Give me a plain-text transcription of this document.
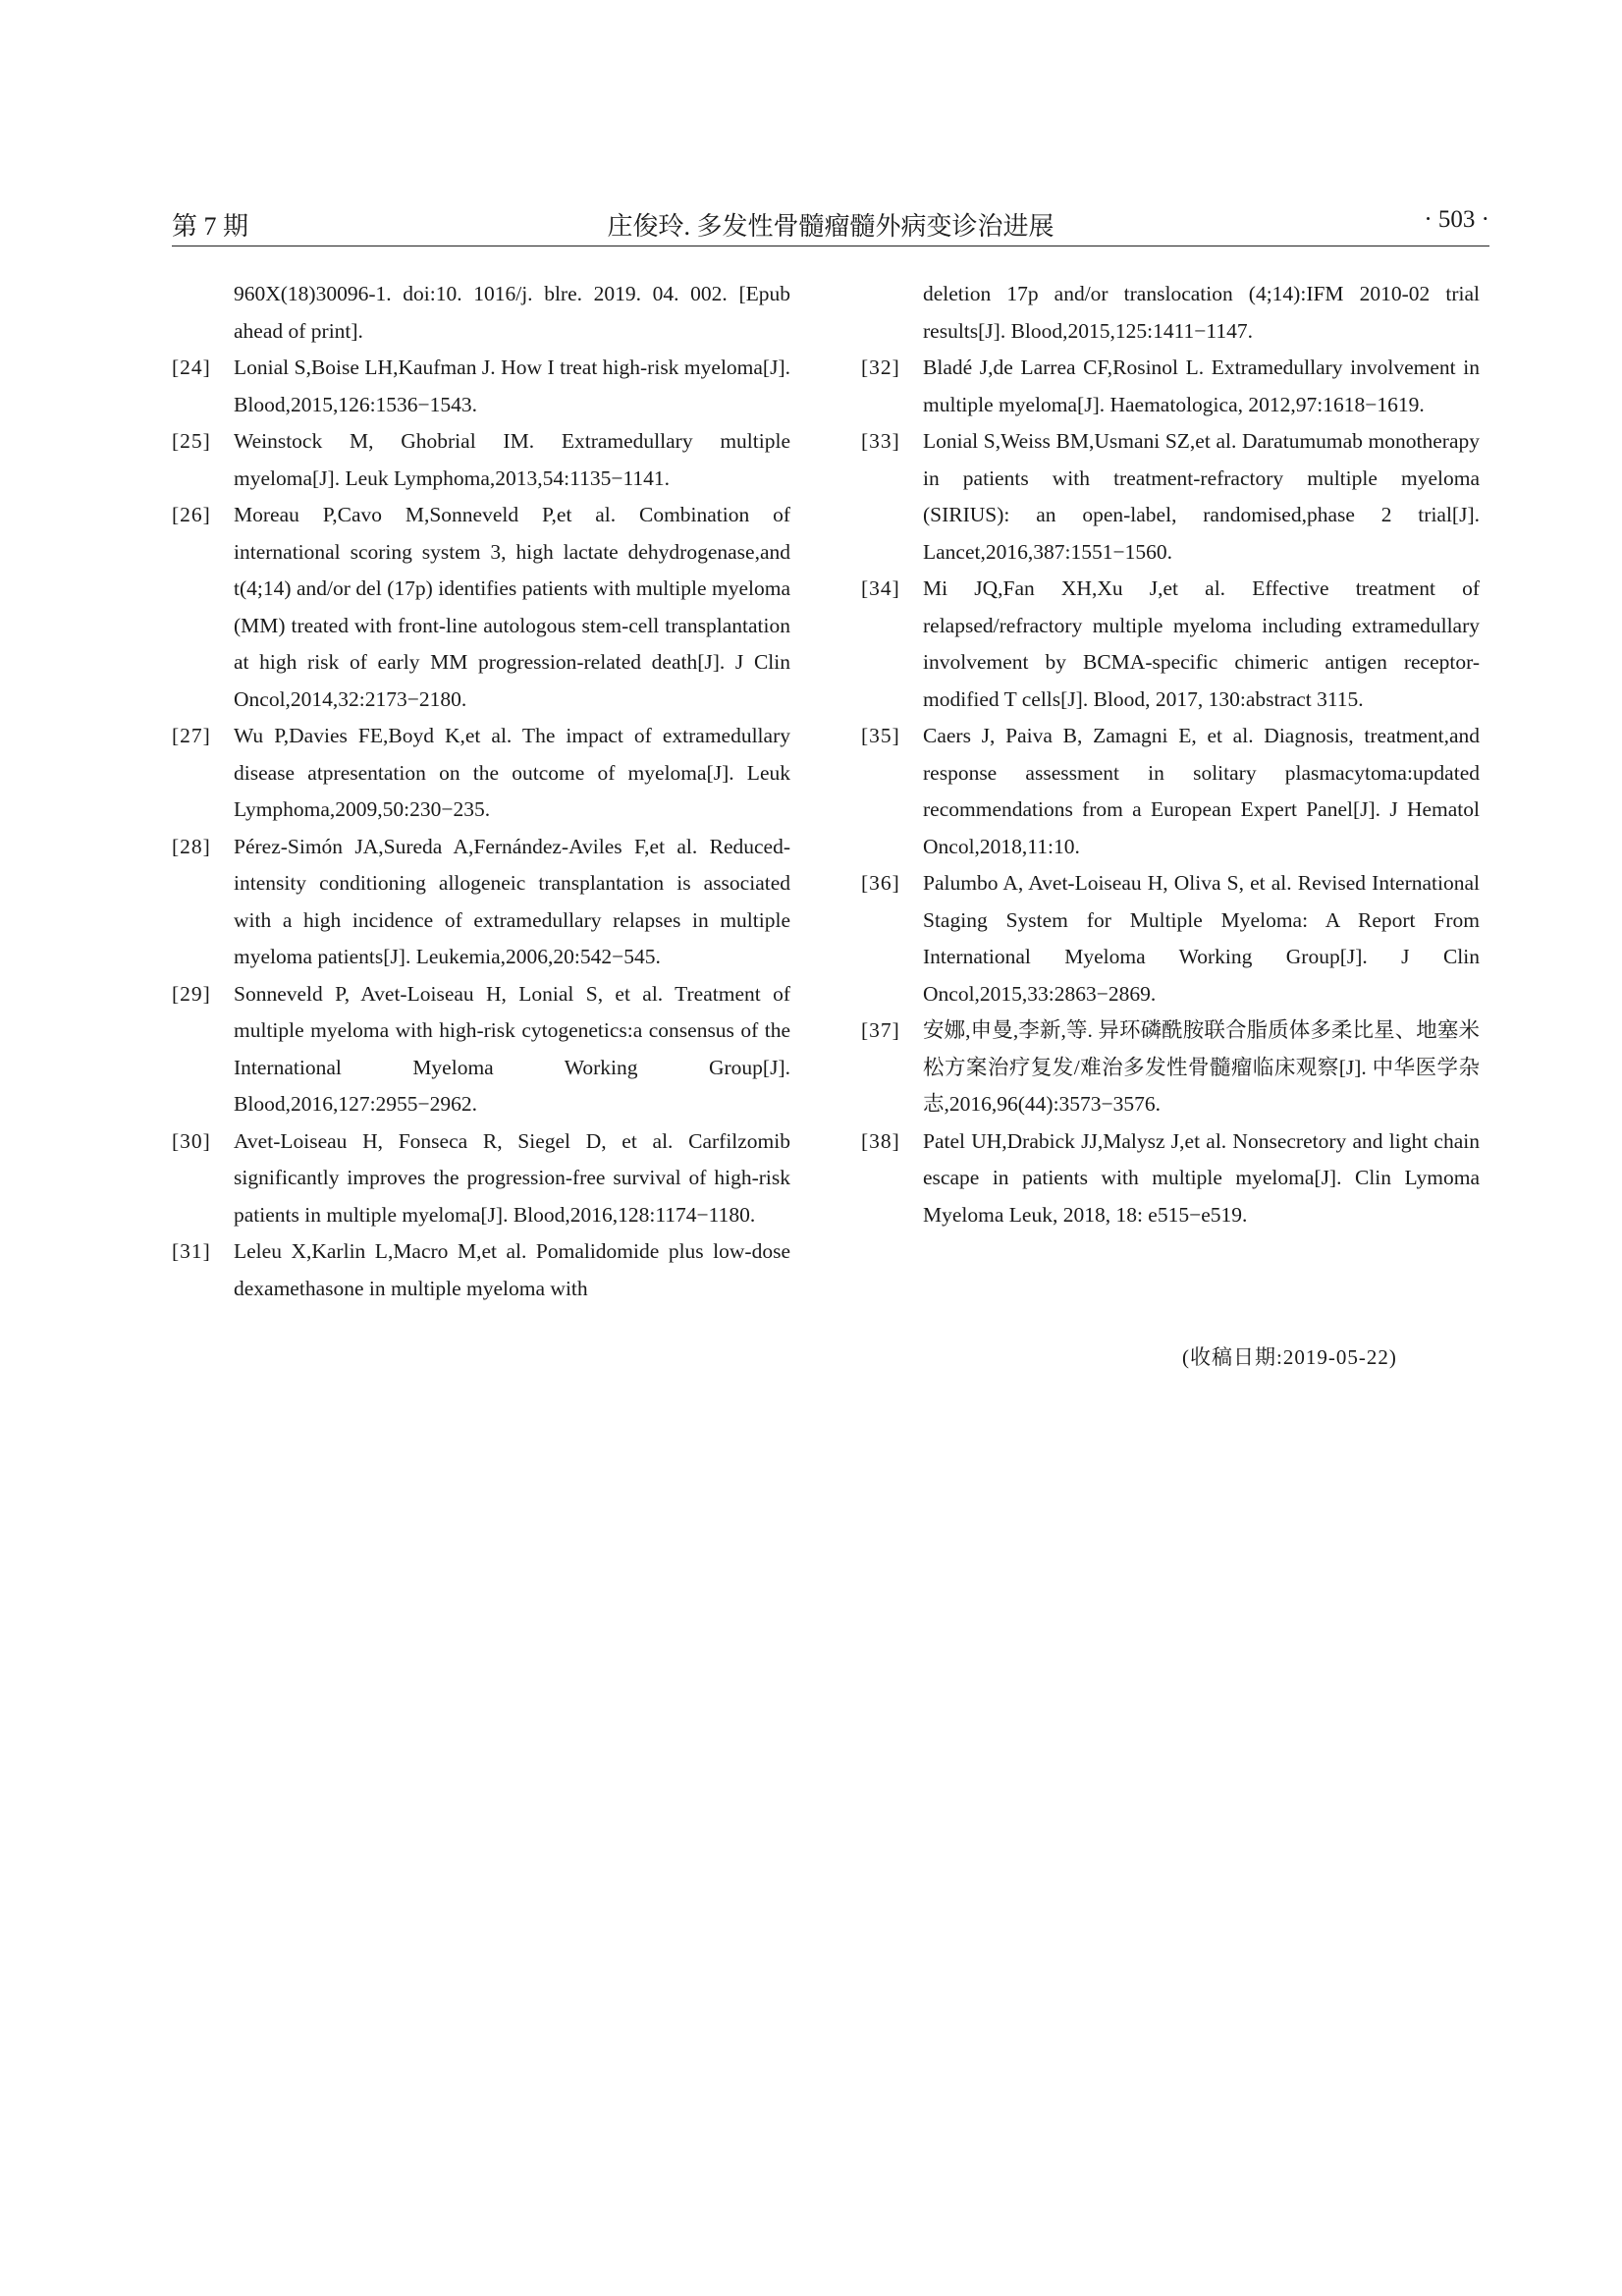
第 7 期	庄俊玲. 多发性骨髓瘤髓外病变诊治进展	· 503 ·
960X(18)30096-1. doi:10. 1016/j. blre. 2019. 04. 002. [Epub ahead of print].
[24]	Lonial S,Boise LH,Kaufman J. How I treat high-risk myeloma[J]. Blood,2015,126:1536−1543.
[25]	Weinstock M, Ghobrial IM. Extramedullary multiple myeloma[J]. Leuk Lymphoma,2013,54:1135−1141.
[26]	Moreau P,Cavo M,Sonneveld P,et al. Combination of international scoring system 3, high lactate dehydrogenase,and t(4;14) and/or del (17p) identifies patients with multiple myeloma (MM) treated with front-line autologous stem-cell transplantation at high risk of early MM progression-related death[J]. J Clin Oncol,2014,32:2173−2180.
[27]	Wu P,Davies FE,Boyd K,et al. The impact of extramedullary disease atpresentation on the outcome of myeloma[J]. Leuk Lymphoma,2009,50:230−235.
[28]	Pérez-Simón JA,Sureda A,Fernández-Aviles F,et al. Reduced-intensity conditioning allogeneic transplantation is associated with a high incidence of extramedullary relapses in multiple myeloma patients[J]. Leukemia,2006,20:542−545.
[29]	Sonneveld P, Avet-Loiseau H, Lonial S, et al. Treatment of multiple myeloma with high-risk cytogenetics:a consensus of the International Myeloma Working Group[J]. Blood,2016,127:2955−2962.
[30]	Avet-Loiseau H, Fonseca R, Siegel D, et al. Carfilzomib significantly improves the progression-free survival of high-risk patients in multiple myeloma[J]. Blood,2016,128:1174−1180.
[31]	Leleu X,Karlin L,Macro M,et al. Pomalidomide plus low-dose dexamethasone in multiple myeloma with
deletion 17p and/or translocation (4;14):IFM 2010-02 trial results[J]. Blood,2015,125:1411−1147.
[32]	Bladé J,de Larrea CF,Rosinol L. Extramedullary involvement in multiple myeloma[J]. Haematologica, 2012,97:1618−1619.
[33]	Lonial S,Weiss BM,Usmani SZ,et al. Daratumumab monotherapy in patients with treatment-refractory multiple myeloma (SIRIUS): an open-label, randomised,phase 2 trial[J]. Lancet,2016,387:1551−1560.
[34]	Mi JQ,Fan XH,Xu J,et al. Effective treatment of relapsed/refractory multiple myeloma including extramedullary involvement by BCMA-specific chimeric antigen receptor-modified T cells[J]. Blood, 2017, 130:abstract 3115.
[35]	Caers J, Paiva B, Zamagni E, et al. Diagnosis, treatment,and response assessment in solitary plasmacytoma:updated recommendations from a European Expert Panel[J]. J Hematol Oncol,2018,11:10.
[36]	Palumbo A, Avet-Loiseau H, Oliva S, et al. Revised International Staging System for Multiple Myeloma: A Report From International Myeloma Working Group[J]. J Clin Oncol,2015,33:2863−2869.
[37]	安娜,申曼,李新,等. 异环磷酰胺联合脂质体多柔比星、地塞米松方案治疗复发/难治多发性骨髓瘤临床观察[J]. 中华医学杂志,2016,96(44):3573−3576.
[38]	Patel UH,Drabick JJ,Malysz J,et al. Nonsecretory and light chain escape in patients with multiple myeloma[J]. Clin Lymoma Myeloma Leuk, 2018, 18: e515−e519.
(收稿日期:2019-05-22)
